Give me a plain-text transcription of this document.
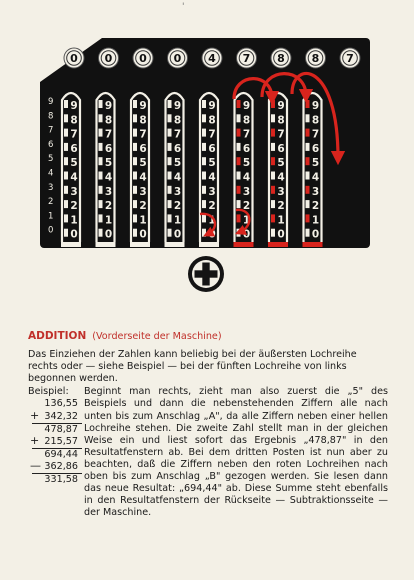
'
0 0 0 0 4 7 8 8 7
9
8
7
6
5
4
3
2
1
0
9
8
7
6
5
4
3
2
1
0
9
8
7
6
5
4
3
2
1
0
9
8
7
6
5
4
3
2
1
0
9
8
7
6
5
4
3
2
1
0
9
8
7
6
5
4
3
2
1
0
9
8
7
6
5
4
3
2
1
0
9
8
7
6
5
4
3
2
1
0
9
8
7
6
5
4
3
2
1
0
ADDITION (Vorderseite der Maschine)
Das Einziehen der Zahlen kann beliebig bei der äußersten Lochreihe rechts oder — siehe Beispiel — bei der fünften Lochreihe von links begonnen werden.
Beispiel:
136,55
+ 342,32
478,87
+ 215,57
694,44
— 362,86
331,58
Beginnt man rechts, zieht man also zuerst die „5" des Beispiels und dann die nebenstehenden Ziffern alle nach unten bis zum Anschlag „A", da alle Ziffern neben einer hellen Lochreihe stehen. Die zweite Zahl stellt man in der gleichen Weise ein und liest sofort das Ergebnis „478,87" in den Resultatfenstern ab. Bei dem dritten Posten ist nun aber zu beachten, daß die Ziffern neben den roten Lochreihen nach oben bis zum Anschlag „B" gezogen werden. Sie lesen dann das neue Resultat: „694,44" ab. Diese Summe steht ebenfalls in den Resultatfenstern der Rückseite — Subtraktionsseite — der Maschine.
